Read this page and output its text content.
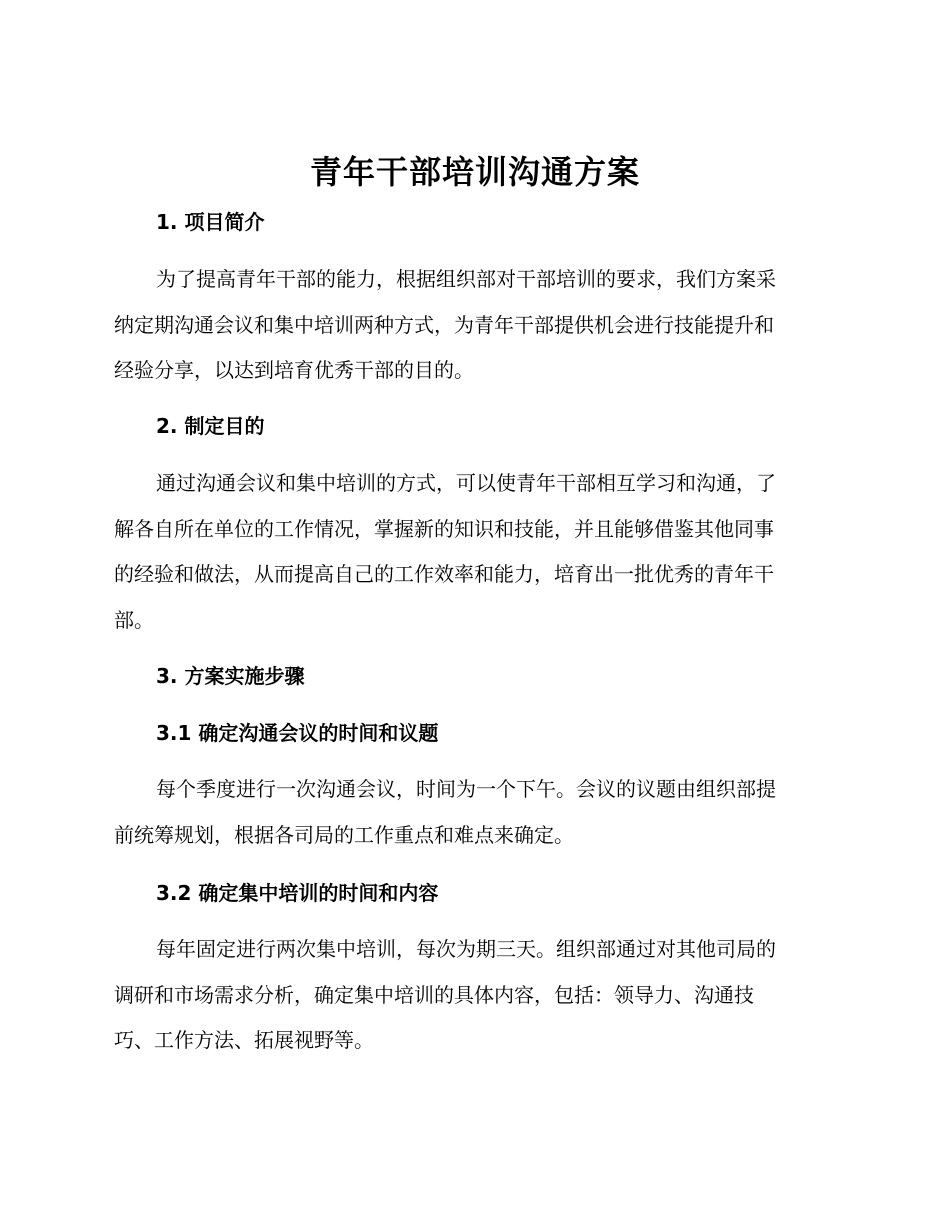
青年干部培训沟通方案
1. 项目简介
为了提高青年干部的能力，根据组织部对干部培训的要求，我们方案采
纳定期沟通会议和集中培训两种方式，为青年干部提供机会进行技能提升和
经验分享，以达到培育优秀干部的目的。
2. 制定目的
通过沟通会议和集中培训的方式，可以使青年干部相互学习和沟通，了
解各自所在单位的工作情况，掌握新的知识和技能，并且能够借鉴其他同事
的经验和做法，从而提高自己的工作效率和能力，培育出一批优秀的青年干
部。
3. 方案实施步骤
3.1 确定沟通会议的时间和议题
每个季度进行一次沟通会议，时间为一个下午。会议的议题由组织部提
前统筹规划，根据各司局的工作重点和难点来确定。
3.2 确定集中培训的时间和内容
每年固定进行两次集中培训，每次为期三天。组织部通过对其他司局的
调研和市场需求分析，确定集中培训的具体内容，包括：领导力、沟通技
巧、工作方法、拓展视野等。
